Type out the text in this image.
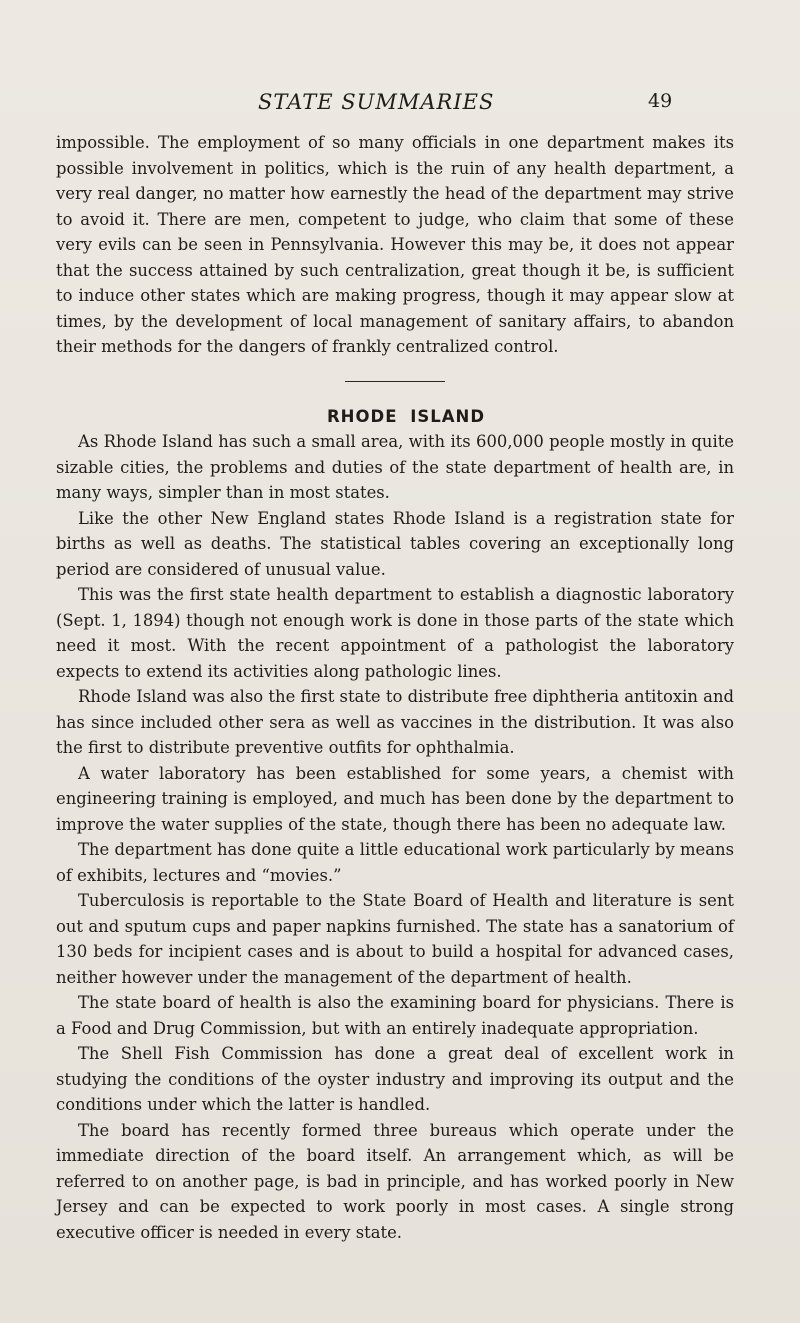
STATE SUMMARIES	49

impossible. The employment of so many officials in one department makes its possible involvement in politics, which is the ruin of any health department, a very real danger, no matter how earnestly the head of the department may strive to avoid it. There are men, competent to judge, who claim that some of these very evils can be seen in Pennsylvania. However this may be, it does not appear that the success attained by such centralization, great though it be, is sufficient to induce other states which are making progress, though it may appear slow at times, by the development of local management of sanitary affairs, to abandon their methods for the dangers of frankly centralized control.

RHODE ISLAND

As Rhode Island has such a small area, with its 600,000 people mostly in quite sizable cities, the problems and duties of the state department of health are, in many ways, simpler than in most states.

Like the other New England states Rhode Island is a registration state for births as well as deaths. The statistical tables covering an exceptionally long period are considered of unusual value.

This was the first state health department to establish a diagnostic laboratory (Sept. 1, 1894) though not enough work is done in those parts of the state which need it most. With the recent appointment of a pathologist the laboratory expects to extend its activities along pathologic lines.

Rhode Island was also the first state to distribute free diphtheria antitoxin and has since included other sera as well as vaccines in the distribution. It was also the first to distribute preventive outfits for ophthalmia.

A water laboratory has been established for some years, a chemist with engineering training is employed, and much has been done by the department to improve the water supplies of the state, though there has been no adequate law.

The department has done quite a little educational work particularly by means of exhibits, lectures and “movies.”

Tuberculosis is reportable to the State Board of Health and literature is sent out and sputum cups and paper napkins furnished. The state has a sanatorium of 130 beds for incipient cases and is about to build a hospital for advanced cases, neither however under the management of the department of health.

The state board of health is also the examining board for physicians. There is a Food and Drug Commission, but with an entirely inadequate appropriation.

The Shell Fish Commission has done a great deal of excellent work in studying the conditions of the oyster industry and improving its output and the conditions under which the latter is handled.

The board has recently formed three bureaus which operate under the immediate direction of the board itself. An arrangement which, as will be referred to on another page, is bad in principle, and has worked poorly in New Jersey and can be expected to work poorly in most cases. A single strong executive officer is needed in every state.
